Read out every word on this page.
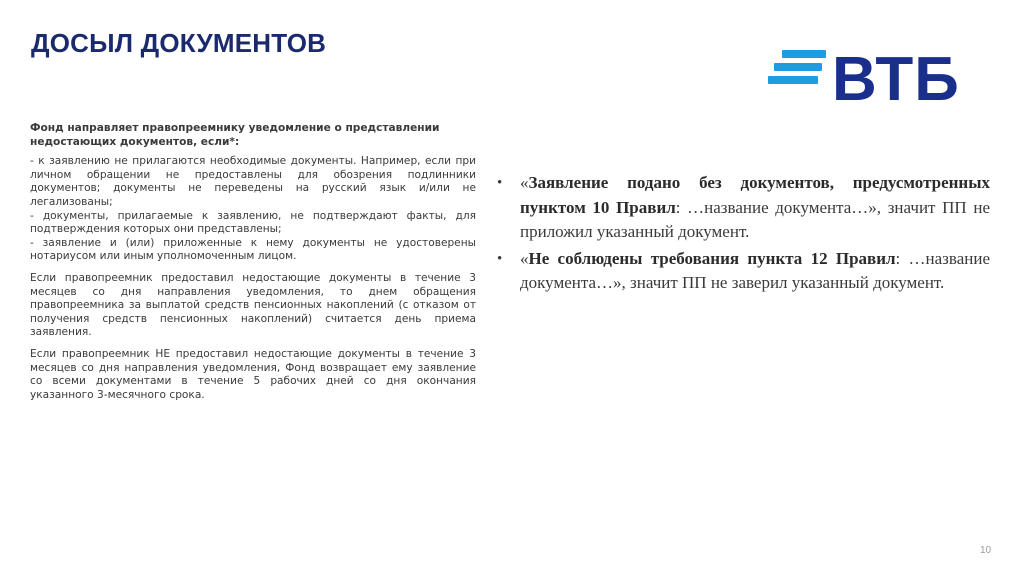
ДОСЫЛ ДОКУМЕНТОВ
ВТБ
Фонд направляет правопреемнику уведомление о представлении недостающих документов, если*:
- к заявлению не прилагаются необходимые документы. Например, если при личном обращении не предоставлены для обозрения подлинники документов; документы не переведены на русский язык и/или не легализованы;
- документы, прилагаемые к заявлению, не подтверждают факты, для подтверждения которых они представлены;
- заявление и (или) приложенные к нему документы не удостоверены нотариусом или иным уполномоченным лицом.
Если правопреемник предоставил недостающие документы в течение 3 месяцев со дня направления уведомления, то днем обращения правопреемника за выплатой средств пенсионных накоплений (с отказом от получения средств пенсионных накоплений) считается день приема заявления.
Если правопреемник НЕ предоставил недостающие документы в течение 3 месяцев со дня направления уведомления, Фонд возвращает ему заявление со всеми документами в течение 5 рабочих дней со дня окончания указанного 3-месячного срока.
• «Заявление подано без документов, предусмотренных пунктом 10 Правил: …название документа…», значит ПП не приложил указанный документ.
• «Не соблюдены требования пункта 12 Правил: …название документа…», значит ПП не заверил указанный документ.
10
